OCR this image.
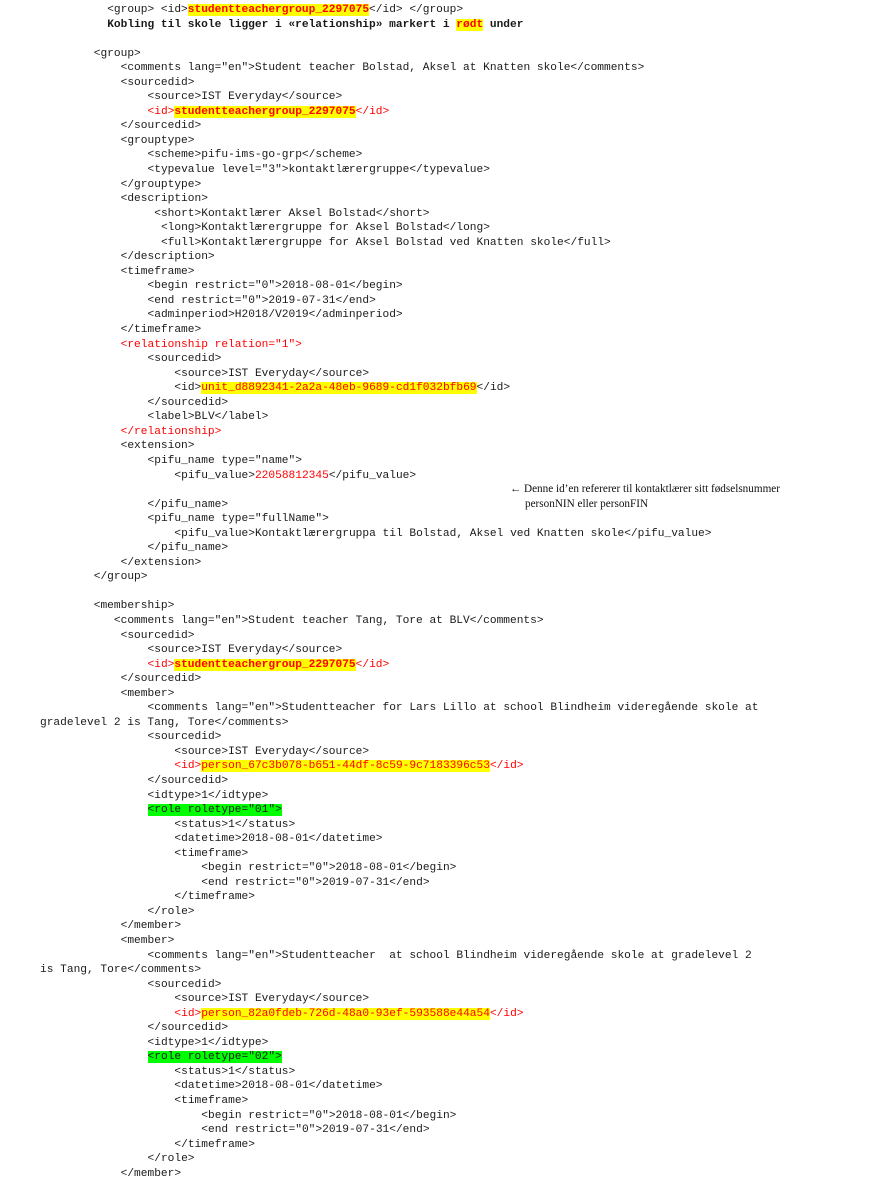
<group> <id>studentteachergroup_2297075</id> </group>
Kobling til skole ligger i «relationship» markert i rødt under
<group>
<comments lang="en">Student teacher Bolstad, Aksel at Knatten skole</comments>
<sourcedid>
<source>IST Everyday</source>
<id>studentteachergroup_2297075</id>
</sourcedid>
<grouptype>
<scheme>pifu-ims-go-grp</scheme>
<typevalue level="3">kontaktlærergruppe</typevalue>
</grouptype>
<description>
<short>Kontaktlærer Aksel Bolstad</short>
<long>Kontaktlærergruppe for Aksel Bolstad</long>
<full>Kontaktlærergruppe for Aksel Bolstad ved Knatten skole</full>
</description>
<timeframe>
<begin restrict="0">2018-08-01</begin>
<end restrict="0">2019-07-31</end>
<adminperiod>H2018/V2019</adminperiod>
</timeframe>
<relationship relation="1">
<sourcedid>
<source>IST Everyday</source>
<id>unit_d8892341-2a2a-48eb-9689-cd1f032bfb69</id>
</sourcedid>
<label>BLV</label>
</relationship>
<extension>
<pifu_name type="name">
<pifu_value>22058812345</pifu_value>
</pifu_name>
<pifu_name type="fullName">
<pifu_value>Kontaktlærergruppa til Bolstad, Aksel ved Knatten skole</pifu_value>
</pifu_name>
</extension>
</group>
<membership>
<comments lang="en">Student teacher Tang, Tore at BLV</comments>
<sourcedid>
<source>IST Everyday</source>
<id>studentteachergroup_2297075</id>
</sourcedid>
<member>
<comments lang="en">Studentteacher for Lars Lillo at school Blindheim videregående skole at
gradelevel 2 is Tang, Tore</comments>
<sourcedid>
<source>IST Everyday</source>
<id>person_67c3b078-b651-44df-8c59-9c7183396c53</id>
</sourcedid>
<idtype>1</idtype>
<role roletype="01">
<status>1</status>
<datetime>2018-08-01</datetime>
<timeframe>
<begin restrict="0">2018-08-01</begin>
<end restrict="0">2019-07-31</end>
</timeframe>
</role>
</member>
<member>
<comments lang="en">Studentteacher  at school Blindheim videregående skole at gradelevel 2
is Tang, Tore</comments>
<sourcedid>
<source>IST Everyday</source>
<id>person_82a0fdeb-726d-48a0-93ef-593588e44a54</id>
</sourcedid>
<idtype>1</idtype>
<role roletype="02">
<status>1</status>
<datetime>2018-08-01</datetime>
<timeframe>
<begin restrict="0">2018-08-01</begin>
<end restrict="0">2019-07-31</end>
</timeframe>
</role>
</member>
← Denne id’en refererer til kontaktlærer sitt fødselsnummer
personNIN eller personFIN
